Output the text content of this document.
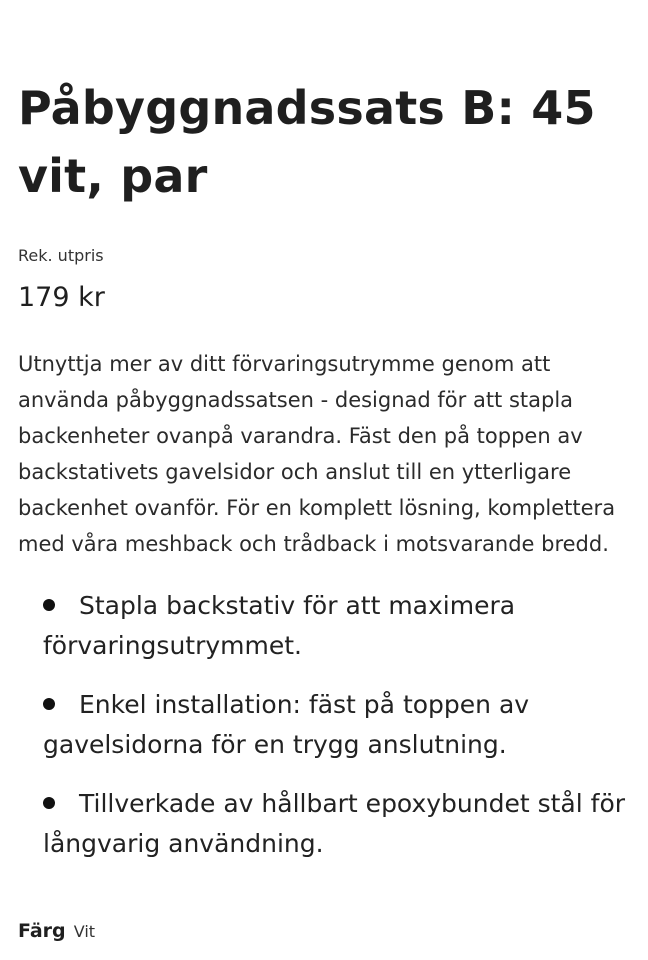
Påbyggnadssats B: 45 vit, par
Rek. utpris
179 kr

Utnyttja mer av ditt förvaringsutrymme genom att använda påbyggnadssatsen - designad för att stapla backenheter ovanpå varandra. Fäst den på toppen av backstativets gavelsidor och anslut till en ytterligare backenhet ovanför. För en komplett lösning, komplettera med våra meshback och trådback i motsvarande bredd.

Stapla backstativ för att maximera förvaringsutrymmet.
Enkel installation: fäst på toppen av gavelsidorna för en trygg anslutning.
Tillverkade av hållbart epoxybundet stål för långvarig användning.
Färg Vit
